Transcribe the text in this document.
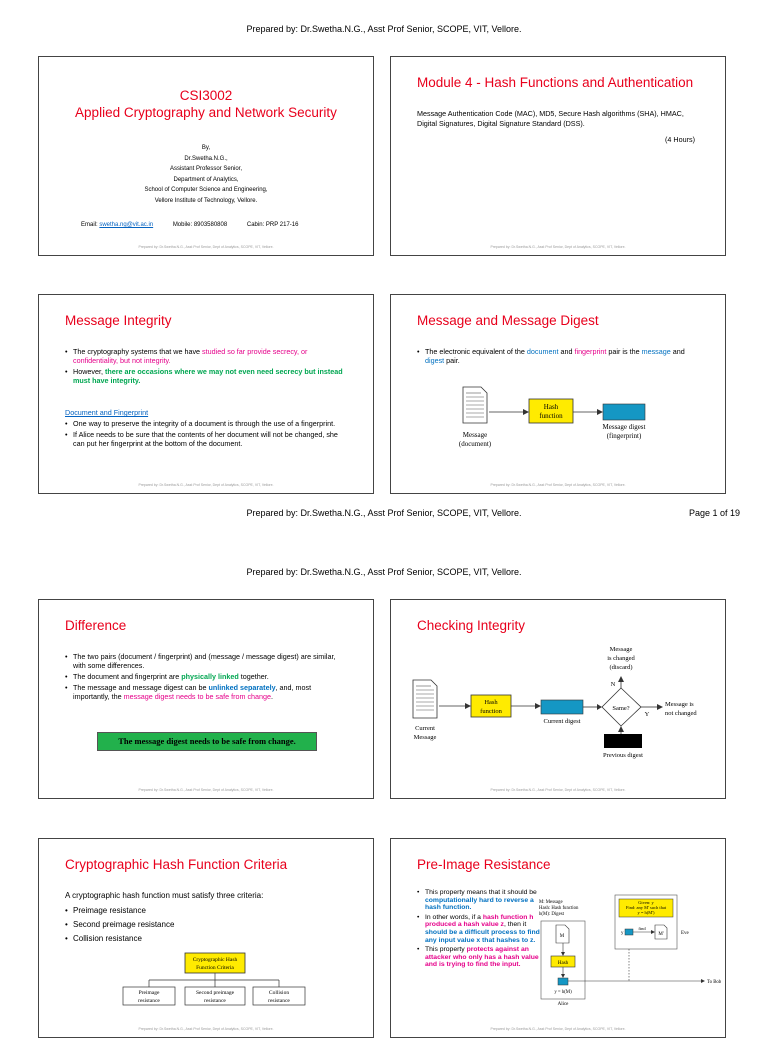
Prepared by: Dr.Swetha.N.G., Asst Prof Senior, SCOPE, VIT, Vellore.
Prepared by: Dr.Swetha.N.G., Asst Prof Senior, SCOPE, VIT, Vellore.	Page 1 of 19
Prepared by: Dr.Swetha.N.G., Asst Prof Senior, SCOPE, VIT, Vellore.
CSI3002
Applied Cryptography and Network Security
By,
Dr.Swetha.N.G.,
Assistant Professor Senior,
Department of Analytics,
School of Computer Science and Engineering,
Vellore Institute of Technology, Vellore.
Email: swetha.ng@vit.ac.in	Mobile: 8903580808	Cabin: PRP 217-16
Prepared by: Dr.Swetha.N.G., Asst Prof Senior, Dept of Analytics, SCOPE, VIT, Vellore.
Module 4 - Hash Functions and Authentication
Message Authentication Code (MAC), MD5, Secure Hash algorithms (SHA), HMAC, Digital Signatures, Digital Signature Standard (DSS).
(4 Hours)
Prepared by: Dr.Swetha.N.G., Asst Prof Senior, Dept of Analytics, SCOPE, VIT, Vellore.
Message Integrity
• The cryptography systems that we have studied so far provide secrecy, or confidentiality, but not integrity.
• However, there are occasions where we may not even need secrecy but instead must have integrity.
Document and Fingerprint
• One way to preserve the integrity of a document is through the use of a fingerprint.
• If Alice needs to be sure that the contents of her document will not be changed, she can put her fingerprint at the bottom of the document.
Prepared by: Dr.Swetha.N.G., Asst Prof Senior, Dept of Analytics, SCOPE, VIT, Vellore.
Message and Message Digest
• The electronic equivalent of the document and fingerprint pair is the message and digest pair.
Hash
function
Message
(document)
Message digest
(fingerprint)
Prepared by: Dr.Swetha.N.G., Asst Prof Senior, Dept of Analytics, SCOPE, VIT, Vellore.
Difference
• The two pairs (document / fingerprint) and (message / message digest) are similar, with some differences.
• The document and fingerprint are physically linked together.
• The message and message digest can be unlinked separately, and, most importantly, the message digest needs to be safe from change.
The message digest needs to be safe from change.
Prepared by: Dr.Swetha.N.G., Asst Prof Senior, Dept of Analytics, SCOPE, VIT, Vellore.
Checking Integrity
Hash
function
Current digest
Same?
N
Message
is changed
(discard)
Y
Message is
not changed
Previous digest
Current
Message
Prepared by: Dr.Swetha.N.G., Asst Prof Senior, Dept of Analytics, SCOPE, VIT, Vellore.
Cryptographic Hash Function Criteria
A cryptographic hash function must satisfy three criteria:
• Preimage resistance
• Second preimage resistance
• Collision resistance
Cryptographic Hash
Function Criteria
Preimage
resistance
Second preimage
resistance
Collision
resistance
Prepared by: Dr.Swetha.N.G., Asst Prof Senior, Dept of Analytics, SCOPE, VIT, Vellore.
Pre-Image Resistance
• This property means that it should be computationally hard to reverse a hash function.
• In other words, if a hash function h produced a hash value z, then it should be a difficult process to find any input value x that hashes to z.
• This property protects against an attacker who only has a hash value and is trying to find the input.
M: Message
Hash: Hash function
h(M): Digest
M
Hash
y = h(M)
Alice
Given: y
Find: any M' such that
y = h(M')
y
find
M'	Eve
To Bob
Prepared by: Dr.Swetha.N.G., Asst Prof Senior, Dept of Analytics, SCOPE, VIT, Vellore.
